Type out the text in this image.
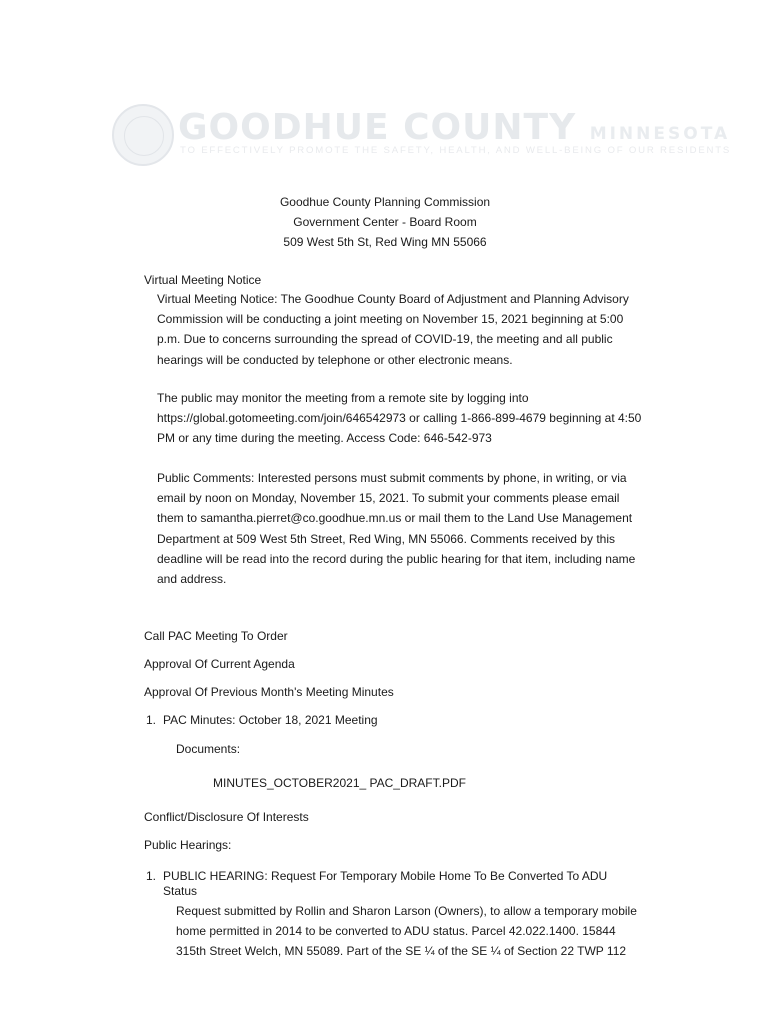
GOODHUE COUNTY MINNESOTA
TO EFFECTIVELY PROMOTE THE SAFETY, HEALTH, AND WELL-BEING OF OUR RESIDENTS
Goodhue County Planning Commission
Government Center - Board Room
509 West 5th St, Red Wing MN 55066
Virtual Meeting Notice
Virtual Meeting Notice: The Goodhue County Board of Adjustment and Planning Advisory
Commission will be conducting a joint meeting on November 15, 2021 beginning at 5:00
p.m. Due to concerns surrounding the spread of COVID-19, the meeting and all public
hearings will be conducted by telephone or other electronic means.
The public may monitor the meeting from a remote site by logging into
https://global.gotomeeting.com/join/646542973 or calling 1-866-899-4679 beginning at 4:50
PM or any time during the meeting. Access Code: 646-542-973
Public Comments: Interested persons must submit comments by phone, in writing, or via
email by noon on Monday, November 15, 2021. To submit your comments please email
them to samantha.pierret@co.goodhue.mn.us or mail them to the Land Use Management
Department at 509 West 5th Street, Red Wing, MN 55066. Comments received by this
deadline will be read into the record during the public hearing for that item, including name
and address.
Call PAC Meeting To Order
Approval Of Current Agenda
Approval Of Previous Month's Meeting Minutes
1. PAC Minutes: October 18, 2021 Meeting
Documents:
MINUTES_OCTOBER2021_ PAC_DRAFT.PDF
Conflict/Disclosure Of Interests
Public Hearings:
1. PUBLIC HEARING: Request For Temporary Mobile Home To Be Converted To ADU
Status
Request submitted by Rollin and Sharon Larson (Owners), to allow a temporary mobile
home permitted in 2014 to be converted to ADU status. Parcel 42.022.1400. 15844
315th Street Welch, MN 55089. Part of the SE ¼ of the SE ¼ of Section 22 TWP 112
